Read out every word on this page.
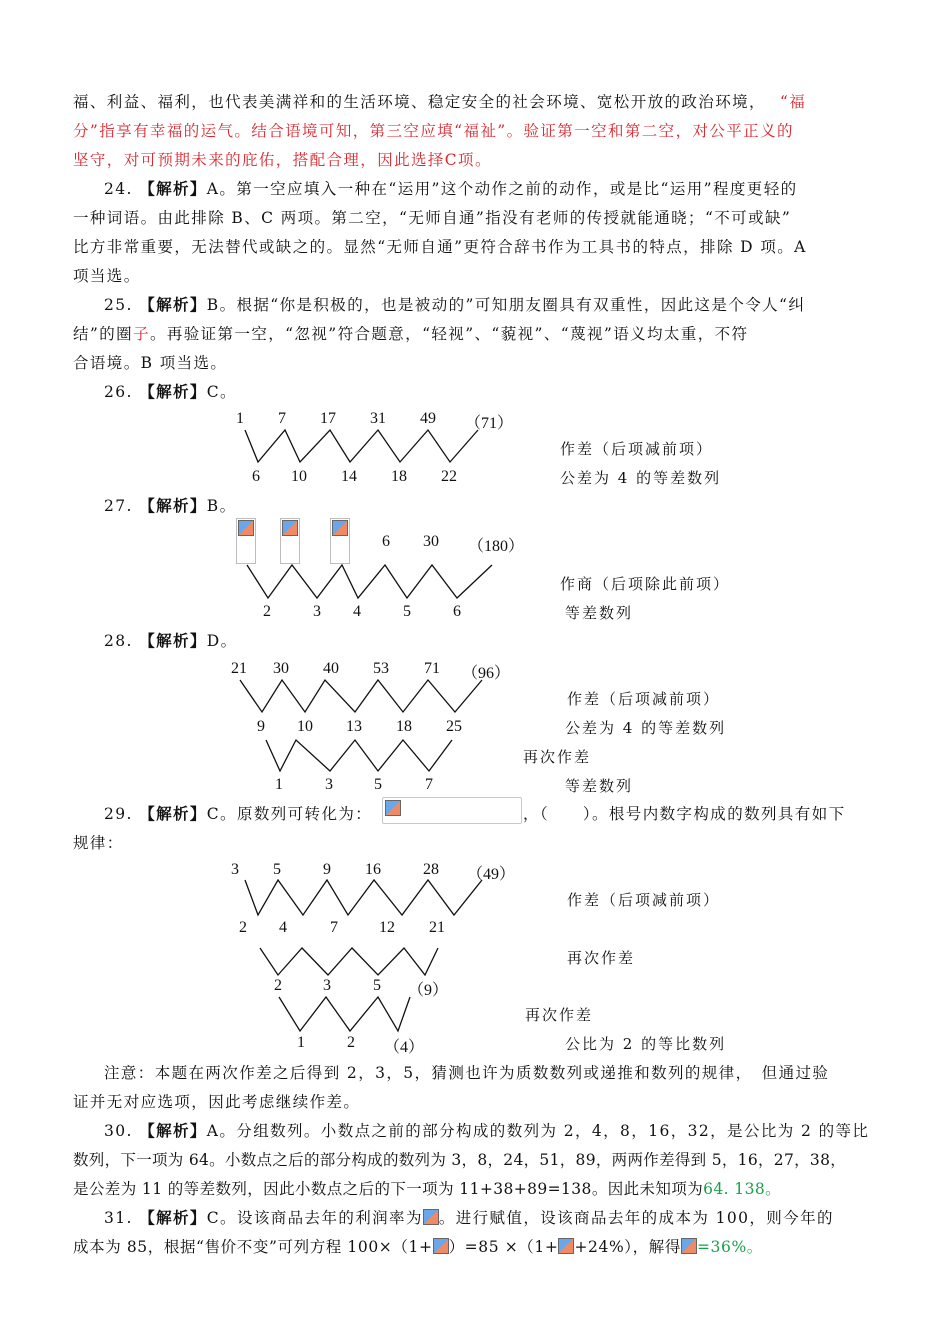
福、利益、福利，也代表美满祥和的生活环境、稳定安全的社会环境、宽松开放的政治环境， “福
分”指享有幸福的运气。结合语境可知，第三空应填“福祉”。验证第一空和第二空，对公平正义的
坚守，对可预期未来的庇佑，搭配合理，因此选择C项。
24. 【解析】A。第一空应填入一种在“运用”这个动作之前的动作，或是比“运用”程度更轻的
一种词语。由此排除 B、C 两项。第二空，“无师自通”指没有老师的传授就能通晓；“不可或缺”
比方非常重要，无法替代或缺之的。显然“无师自通”更符合辞书作为工具书的特点，排除 D 项。A
项当选。
25. 【解析】B。根据“你是积极的，也是被动的”可知朋友圈具有双重性，因此这是个令人“纠
结”的圈子。再验证第一空，“忽视”符合题意，“轻视”、“藐视”、“蔑视”语义均太重，不符
合语境。B 项当选。
26. 【解析】C。
1 7 17 31 49 （71）
6 10 14 18 22
作差（后项减前项）
公差为 4 的等差数列
27. 【解析】B。
6 30 （180）
2	3 4	5	6
作商（后项除此前项）
等差数列
28. 【解析】D。
21 30 40 53 71 （96）
9 10 13 18 25
1	3	5	7
作差（后项减前项）
公差为 4 的等差数列
再次作差
等差数列
29. 【解析】C。原数列可转化为：	，（　　）。根号内数字构成的数列具有如下
规律：
3 5	9 16	28 （49）
2 4	7	12 21
2	3	5 （9）
1	2 （4）
作差（后项减前项）
再次作差
再次作差
公比为 2 的等比数列
注意：本题在两次作差之后得到 2，3，5，猜测也许为质数数列或递推和数列的规律，　但通过验
证并无对应选项，因此考虑继续作差。
30. 【解析】A。分组数列。小数点之前的部分构成的数列为 2，4，8，16，32，是公比为 2 的等比
数列，下一项为 64。小数点之后的部分构成的数列为 3，8，24，51，89，两两作差得到 5，16，27，38，
是公差为 11 的等差数列，因此小数点之后的下一项为 11+38+89=138。因此未知项为64. 138。
31. 【解析】C。设该商品去年的利润率为 。进行赋值，设该商品去年的成本为 100，则今年的
成本为 85，根据“售价不变”可列方程 100×（1+ ）=85 ×（1+ +24%），解得 =36%。
